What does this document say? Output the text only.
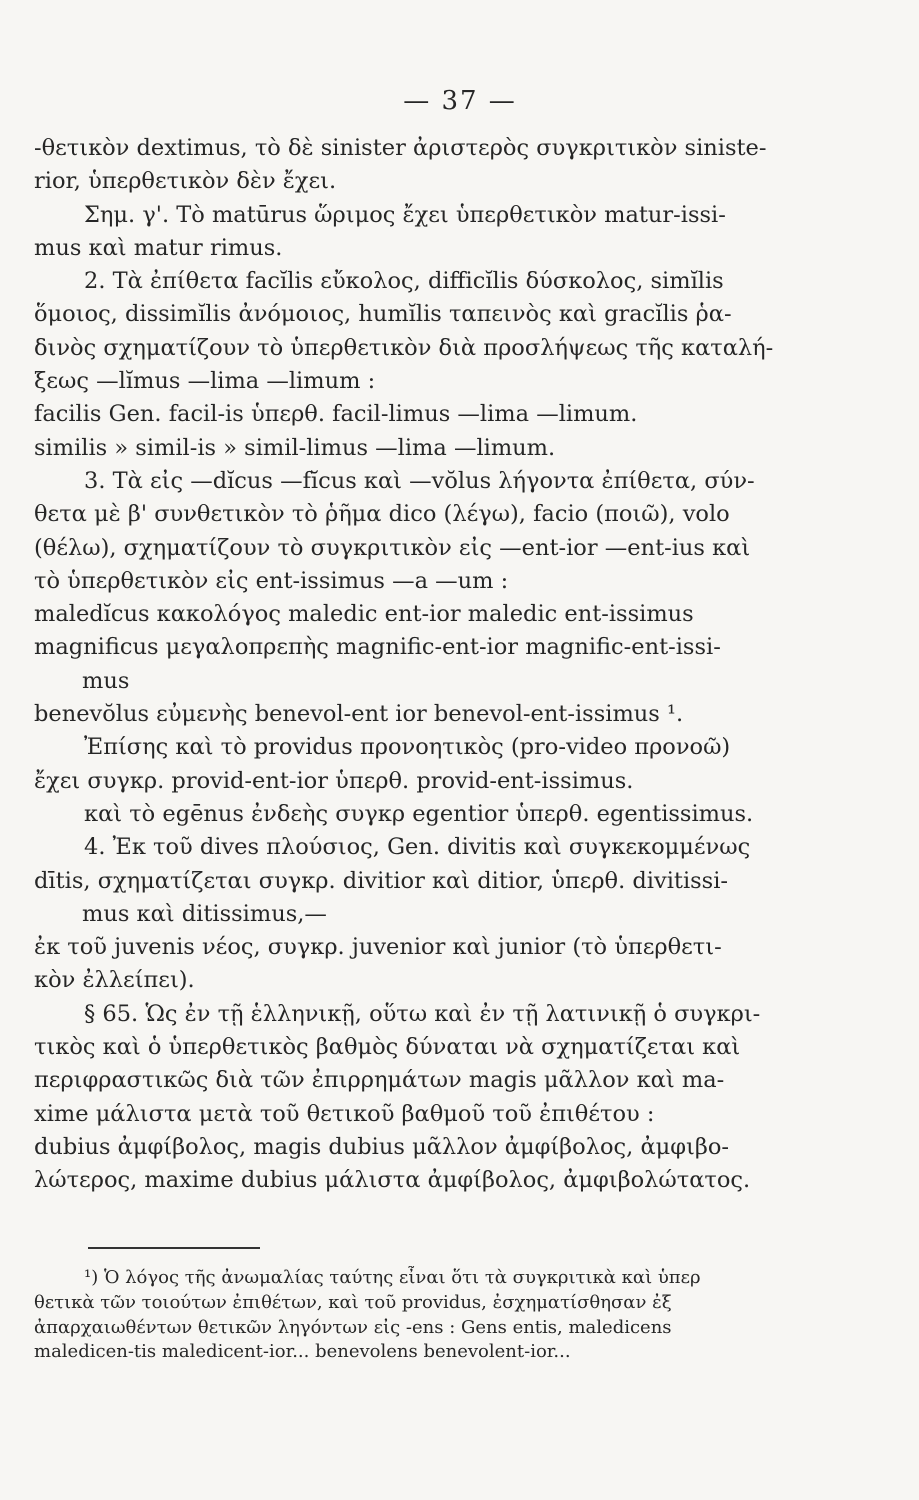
— 37 —
-θετικὸν dextimus, τὸ δὲ sinister ἀριστερὸς συγκριτικὸν siniste-
rior, ὑπερθετικὸν δὲν ἔχει.
Σημ. γ'. Τὸ matūrus ὥριμος ἔχει ὑπερθετικὸν matur-issi-
mus καὶ matur rimus.
2. Τὰ ἐπίθετα facĭlis εὔκολος, difficĭlis δύσκολος, simĭlis
ὅμοιος, dissimĭlis ἀνόμοιος, humĭlis ταπεινὸς καὶ gracĭlis ῥα-
δινὸς σχηματίζουν τὸ ὑπερθετικὸν διὰ προσλήψεως τῆς καταλή-
ξεως —lĭmus —lima —limum :
facilis Gen. facil-is ὑπερθ. facil-limus —lima —limum.
similis » simil-is » simil-limus —lima —limum.
3. Τὰ εἰς —dĭcus —fĭcus καὶ —vŏlus λήγοντα ἐπίθετα, σύν-
θετα μὲ β' συνθετικὸν τὸ ῥῆμα dico (λέγω), facio (ποιῶ), volo
(θέλω), σχηματίζουν τὸ συγκριτικὸν εἰς —ent-ior —ent-ius καὶ
τὸ ὑπερθετικὸν εἰς ent-issimus —a —um :
maledĭcus κακολόγος maledic ent-ior maledic ent-issimus
magnificus μεγαλοπρεπὴς magnific-ent-ior magnific-ent-issi-
mus
benevŏlus εὐμενὴς benevol-ent ior benevol-ent-issimus ¹.
Ἐπίσης καὶ τὸ providus προνοητικὸς (pro-video προνοῶ)
ἔχει συγκρ. provid-ent-ior ὑπερθ. provid-ent-issimus.
καὶ τὸ egēnus ἐνδεὴς συγκρ egentior ὑπερθ. egentissimus.
4. Ἐκ τοῦ dives πλούσιος, Gen. divitis καὶ συγκεκομμένως
dītis, σχηματίζεται συγκρ. divitior καὶ ditior, ὑπερθ. divitissi-
mus καὶ ditissimus,—
ἐκ τοῦ juvenis νέος, συγκρ. juvenior καὶ junior (τὸ ὑπερθετι-
κὸν ἐλλείπει).
§ 65. Ὡς ἐν τῇ ἑλληνικῇ, οὕτω καὶ ἐν τῇ λατινικῇ ὁ συγκρι-
τικὸς καὶ ὁ ὑπερθετικὸς βαθμὸς δύναται νὰ σχηματίζεται καὶ
περιφραστικῶς διὰ τῶν ἐπιρρημάτων magis μᾶλλον καὶ ma-
xime μάλιστα μετὰ τοῦ θετικοῦ βαθμοῦ τοῦ ἐπιθέτου :
dubius ἀμφίβολος, magis dubius μᾶλλον ἀμφίβολος, ἀμφιβο-
λώτερος, maxime dubius μάλιστα ἀμφίβολος, ἀμφιβολώτατος.
¹) Ὁ λόγος τῆς ἀνωμαλίας ταύτης εἶναι ὅτι τὰ συγκριτικὰ καὶ ὑπερ
θετικὰ τῶν τοιούτων ἐπιθέτων, καὶ τοῦ providus, ἐσχηματίσθησαν ἐξ
ἀπαρχαιωθέντων θετικῶν ληγόντων εἰς -ens : Gens entis, maledicens
maledicen-tis maledicent-ior... benevolens benevolent-ior...
